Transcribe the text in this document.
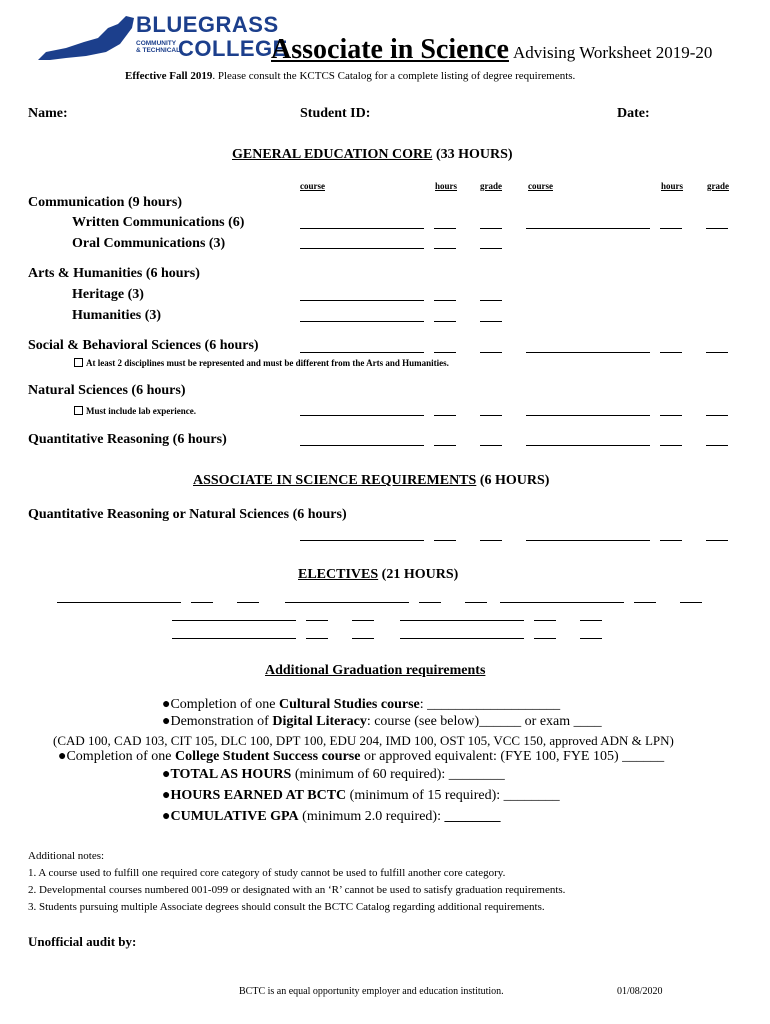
BLUEGRASS
COMMUNITY
& TECHNICAL
COLLEGE
Associate in Science Advising Worksheet 2019-20
Effective Fall 2019. Please consult the KCTCS Catalog for a complete listing of degree requirements.
Name:	Student ID:	Date:
GENERAL EDUCATION CORE (33 HOURS)
course	hours	grade	course	hours	grade
Communication (9 hours)
Written Communications (6)
Oral Communications (3)
Arts & Humanities (6 hours)
Heritage (3)
Humanities (3)
Social & Behavioral Sciences (6 hours)
At least 2 disciplines must be represented and must be different from the Arts and Humanities.
Natural Sciences (6 hours)
Must include lab experience.
Quantitative Reasoning (6 hours)
ASSOCIATE IN SCIENCE REQUIREMENTS (6 HOURS)
Quantitative Reasoning or Natural Sciences (6 hours)
ELECTIVES (21 HOURS)
Additional Graduation requirements
●Completion of one Cultural Studies course: ___________________
●Demonstration of Digital Literacy: course (see below)______ or exam ____
(CAD 100, CAD 103, CIT 105, DLC 100, DPT 100, EDU 204, IMD 100, OST 105, VCC 150, approved ADN & LPN)
●Completion of one College Student Success course or approved equivalent: (FYE 100, FYE 105) ______
●TOTAL AS HOURS (minimum of 60 required): ________
●HOURS EARNED AT BCTC (minimum of 15 required): ________
●CUMULATIVE GPA (minimum 2.0 required): ________
Additional notes:
1. A course used to fulfill one required core category of study cannot be used to fulfill another core category.
2. Developmental courses numbered 001-099 or designated with an ‘R’ cannot be used to satisfy graduation requirements.
3. Students pursuing multiple Associate degrees should consult the BCTC Catalog regarding additional requirements.
Unofficial audit by:
BCTC is an equal opportunity employer and education institution.	01/08/2020
